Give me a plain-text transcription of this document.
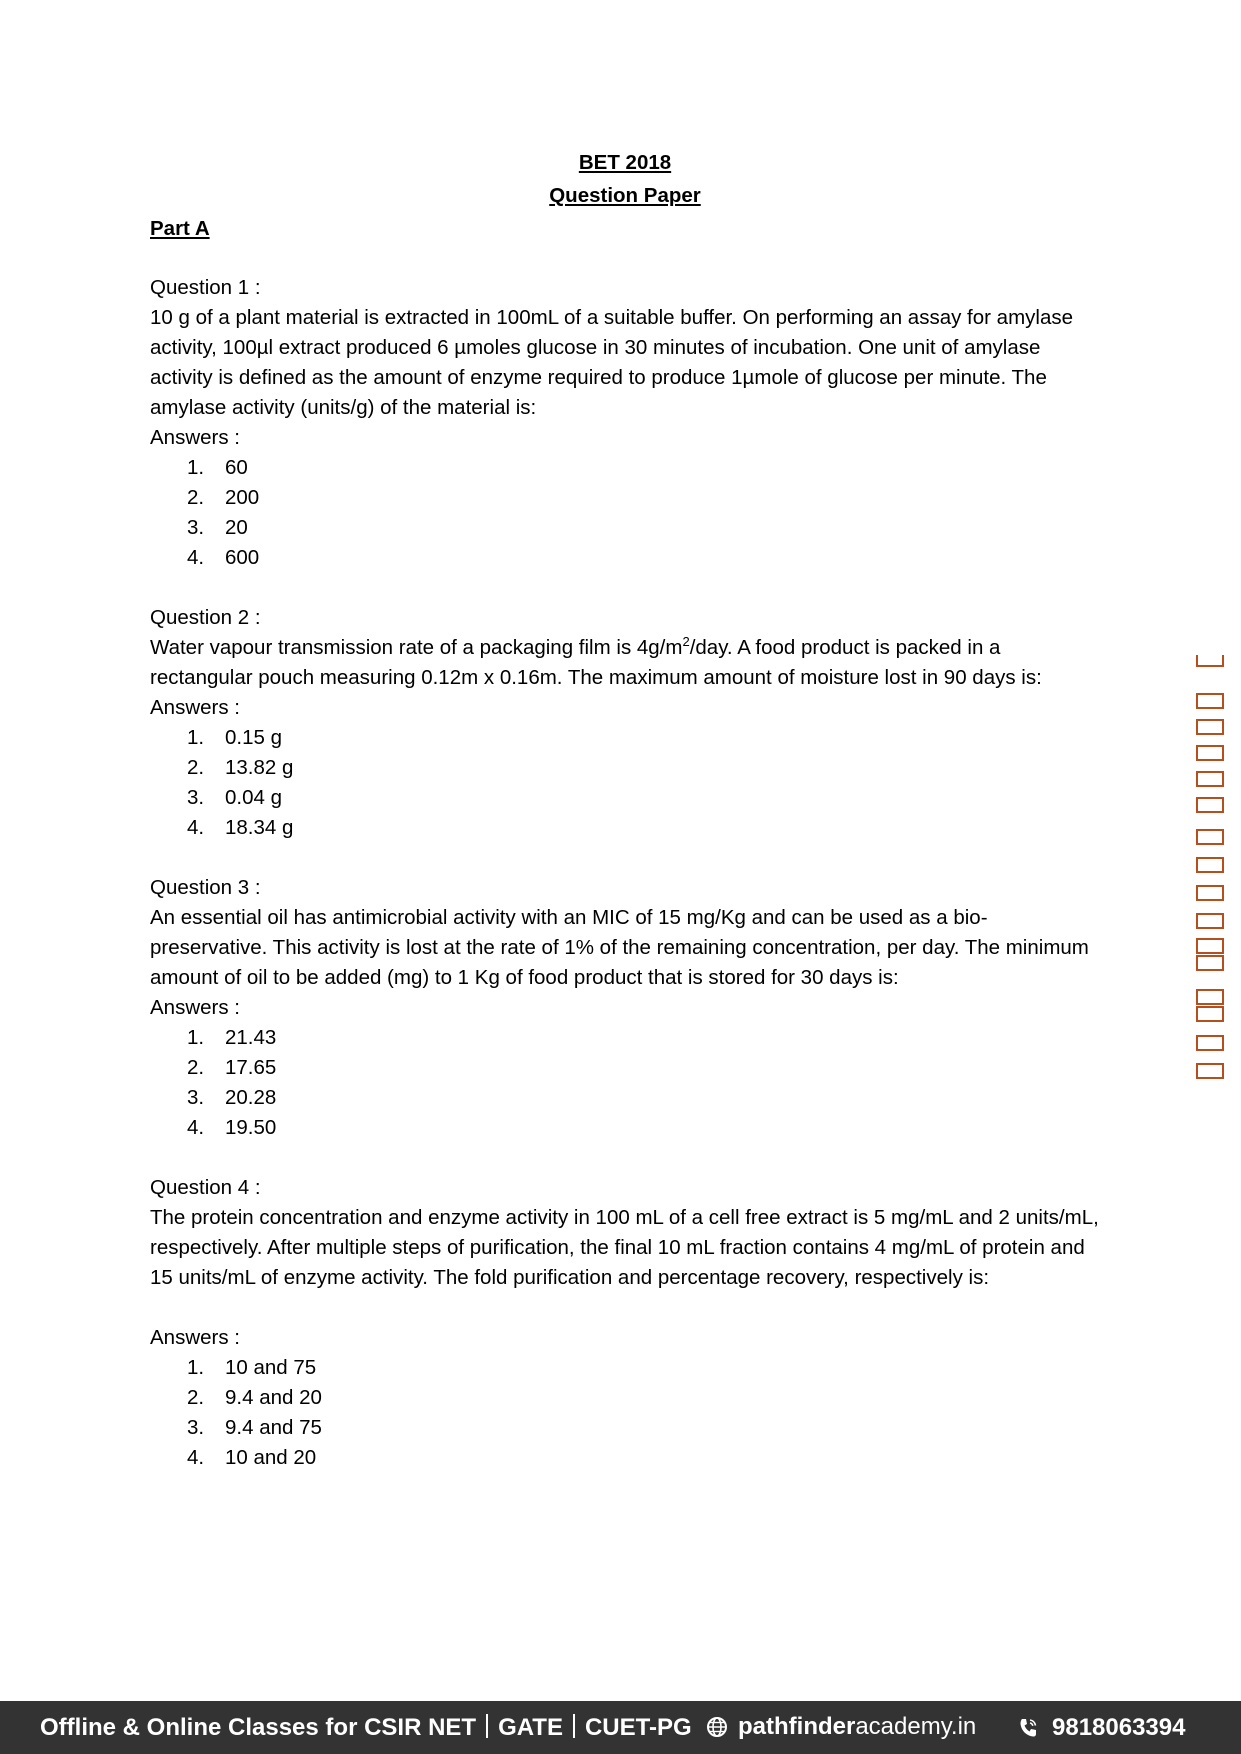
BET 2018

Question Paper

Part A

Question 1 :

10 g of a plant material is extracted in 100mL of a suitable buffer. On performing an assay for amylase activity, 100µl extract produced 6 µmoles glucose in 30 minutes of incubation. One unit of amylase activity is defined as the amount of enzyme required to produce 1µmole of glucose per minute. The amylase activity (units/g) of the material is:

Answers :

1. 60
2. 200
3. 20
4. 600

Question 2 :

Water vapour transmission rate of a packaging film is $4g/m^2$/day. A food product is packed in a rectangular pouch measuring 0.12m x 0.16m. The maximum amount of moisture lost in 90 days is:

Answers :

1. 0.15 g
2. 13.82 g
3. 0.04 g
4. 18.34 g

Question 3 :

An essential oil has antimicrobial activity with an MIC of 15 mg/Kg and can be used as a bio-preservative. This activity is lost at the rate of 1% of the remaining concentration, per day. The minimum amount of oil to be added (mg) to 1 Kg of food product that is stored for 30 days is:

Answers :

1. 21.43
2. 17.65
3. 20.28
4. 19.50

Question 4 :

The protein concentration and enzyme activity in 100 mL of a cell free extract is 5 mg/mL and 2 units/mL, respectively. After multiple steps of purification, the final 10 mL fraction contains 4 mg/mL of protein and 15 units/mL of enzyme activity. The fold purification and percentage recovery, respectively is:

Answers :

1. 10 and 75
2. 9.4 and 20
3. 9.4 and 75
4. 10 and 20
Offline & Online Classes for CSIR NET GATE CUET-PG	pathfinderacademy.in	9818063394
